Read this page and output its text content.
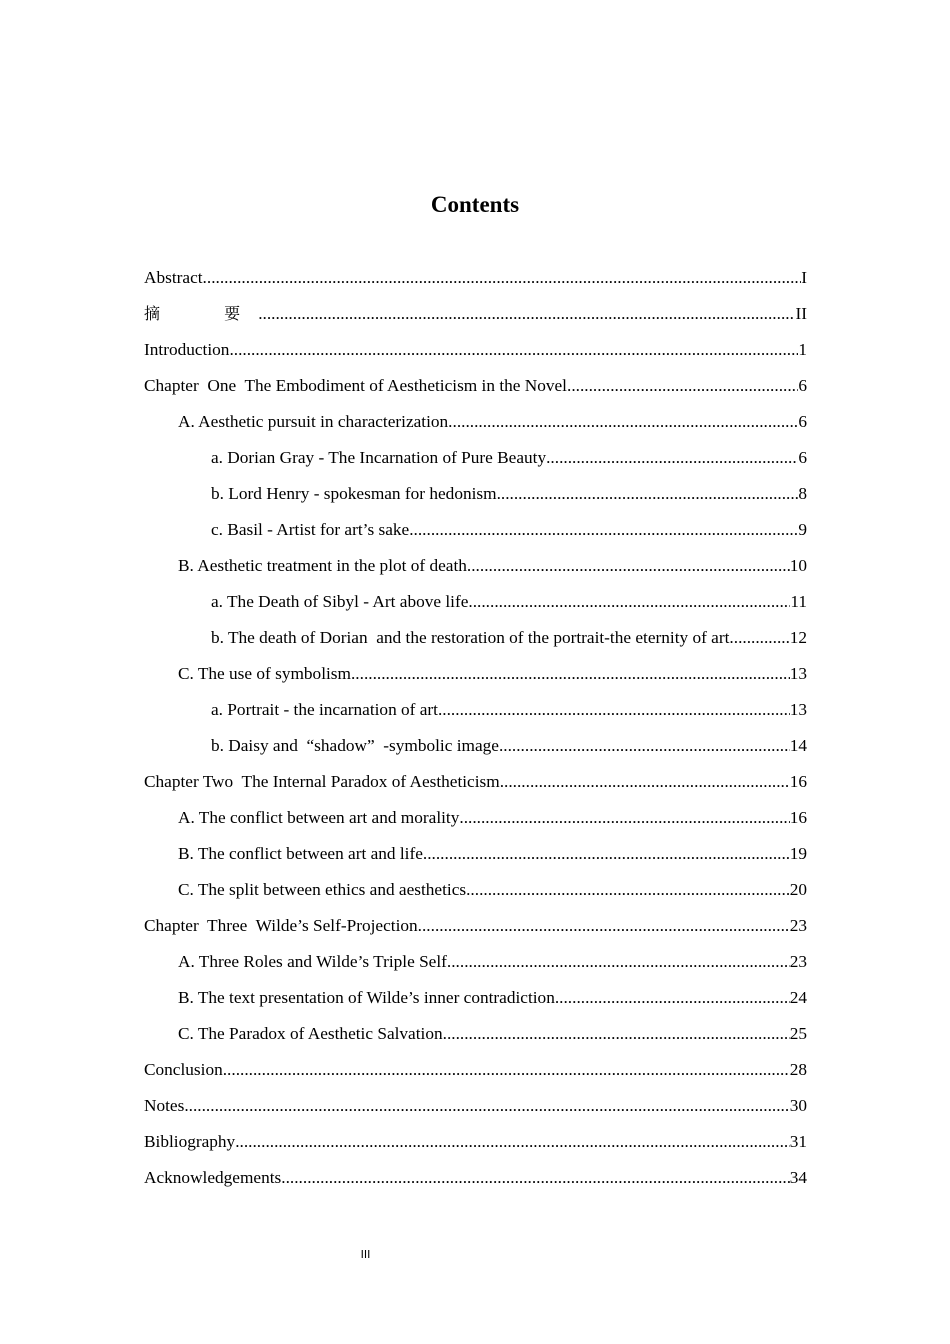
Contents
Abstract .....	I
摘  要 .....	II
Introduction .....	1
Chapter  One  The Embodiment of Aestheticism in the Novel .....	6
A. Aesthetic pursuit in characterization .....	6
a. Dorian Gray - The Incarnation of Pure Beauty .....	6
b. Lord Henry - spokesman for hedonism .....	8
c. Basil - Artist for art’s sake .....	9
B. Aesthetic treatment in the plot of death .....	10
a. The Death of Sibyl - Art above life .....	11
b. The death of Dorian  and the restoration of the portrait-the eternity of art .....	12
C. The use of symbolism .....	13
a. Portrait - the incarnation of art .....	13
b. Daisy and  “shadow”  -symbolic image .....	14
Chapter Two  The Internal Paradox of Aestheticism .....	16
A. The conflict between art and morality .....	16
B. The conflict between art and life .....	19
C. The split between ethics and aesthetics .....	20
Chapter  Three  Wilde’s Self-Projection .....	23
A. Three Roles and Wilde’s Triple Self .....	23
B. The text presentation of Wilde’s inner contradiction .....	24
C. The Paradox of Aesthetic Salvation .....	25
Conclusion .....	28
Notes .....	30
Bibliography .....	31
Acknowledgements .....	34
III
